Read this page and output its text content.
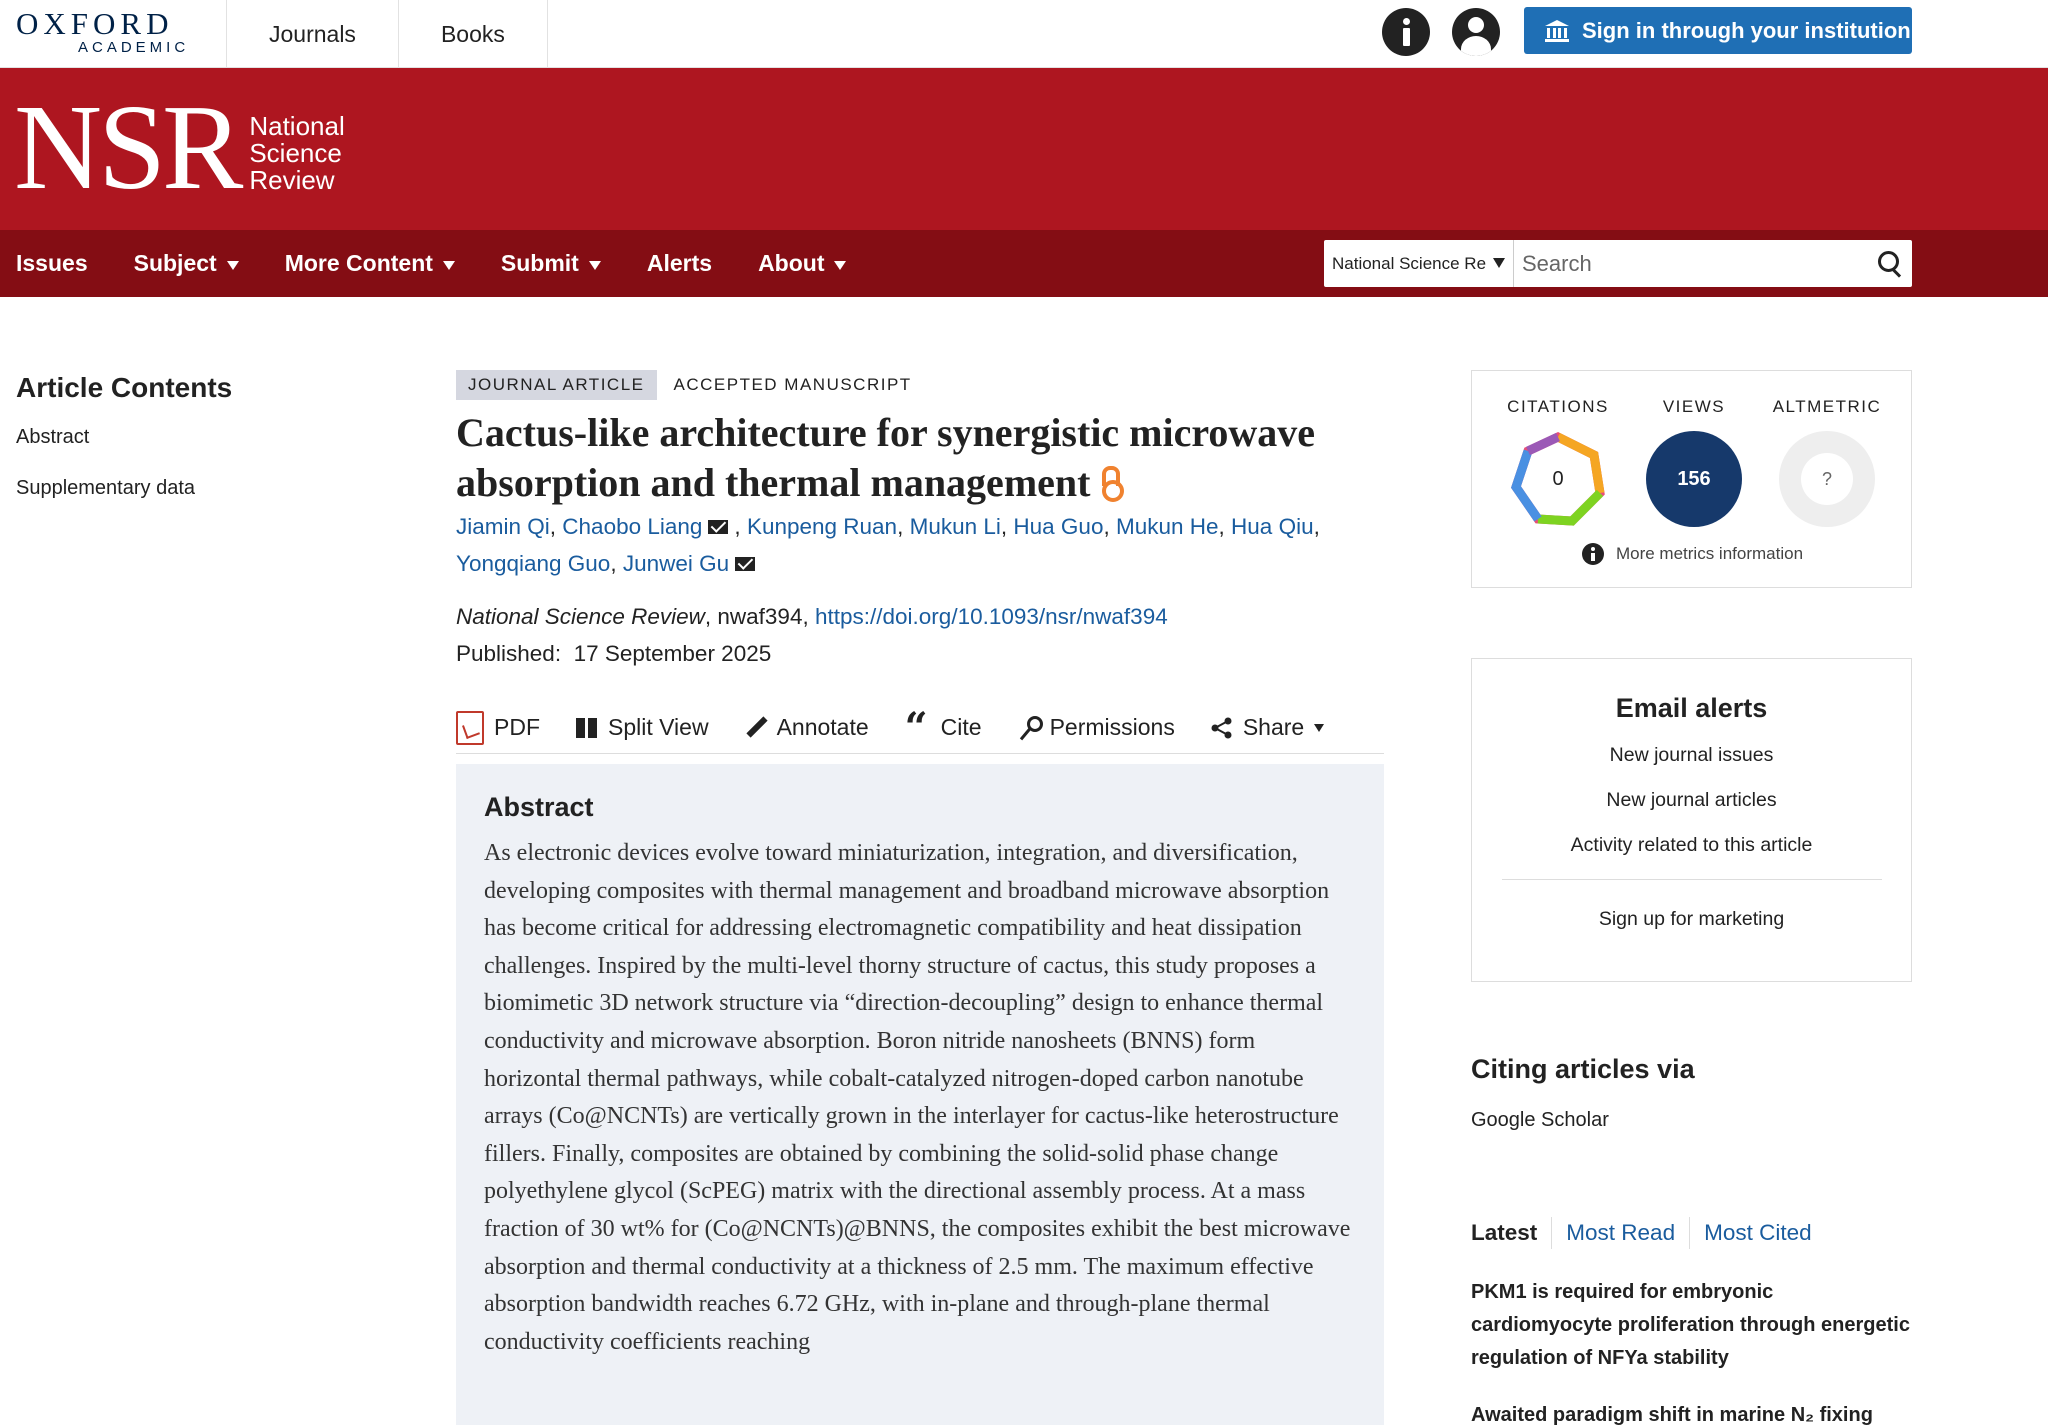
OXFORD
ACADEMIC
Journals	Books	Sign in through your institution
NSR National
Science
Review
Issues Subject	More Content	Submit	Alerts About	National Science Re
Search
Article Contents
Abstract
Supplementary data
JOURNAL ARTICLE	ACCEPTED MANUSCRIPT
Cactus-like architecture for synergistic microwave absorption and thermal management
Jiamin Qi, Chaobo Liang , Kunpeng Ruan, Mukun Li, Hua Guo, Mukun He, Hua Qiu, Yongqiang Guo, Junwei Gu
National Science Review, nwaf394, https://doi.org/10.1093/nsr/nwaf394
Published: 17 September 2025
PDF	Split View	Annotate “ Cite	Permissions	Share
Abstract
As electronic devices evolve toward miniaturization, integration, and diversification, developing composites with thermal management and broadband microwave absorption has become critical for addressing electromagnetic compatibility and heat dissipation challenges. Inspired by the multi-level thorny structure of cactus, this study proposes a biomimetic 3D network structure via “direction-decoupling” design to enhance thermal conductivity and microwave absorption. Boron nitride nanosheets (BNNS) form horizontal thermal pathways, while cobalt-catalyzed nitrogen-doped carbon nanotube arrays (Co@NCNTs) are vertically grown in the interlayer for cactus-like heterostructure fillers. Finally, composites are obtained by combining the solid-solid phase change polyethylene glycol (ScPEG) matrix with the directional assembly process. At a mass fraction of 30 wt% for (Co@NCNTs)@BNNS, the composites exhibit the best microwave absorption and thermal conductivity at a thickness of 2.5 mm. The maximum effective absorption bandwidth reaches 6.72 GHz, with in-plane and through-plane thermal conductivity coefficients reaching
CITATIONS
0
VIEWS
156
ALTMETRIC
?
More metrics information
Email alerts
New journal issues
New journal articles
Activity related to this article
Sign up for marketing
Citing articles via
Google Scholar
Latest	Most Read	Most Cited
PKM1 is required for embryonic cardiomyocyte proliferation through energetic regulation of NFYa stability
Awaited paradigm shift in marine N₂ fixing
